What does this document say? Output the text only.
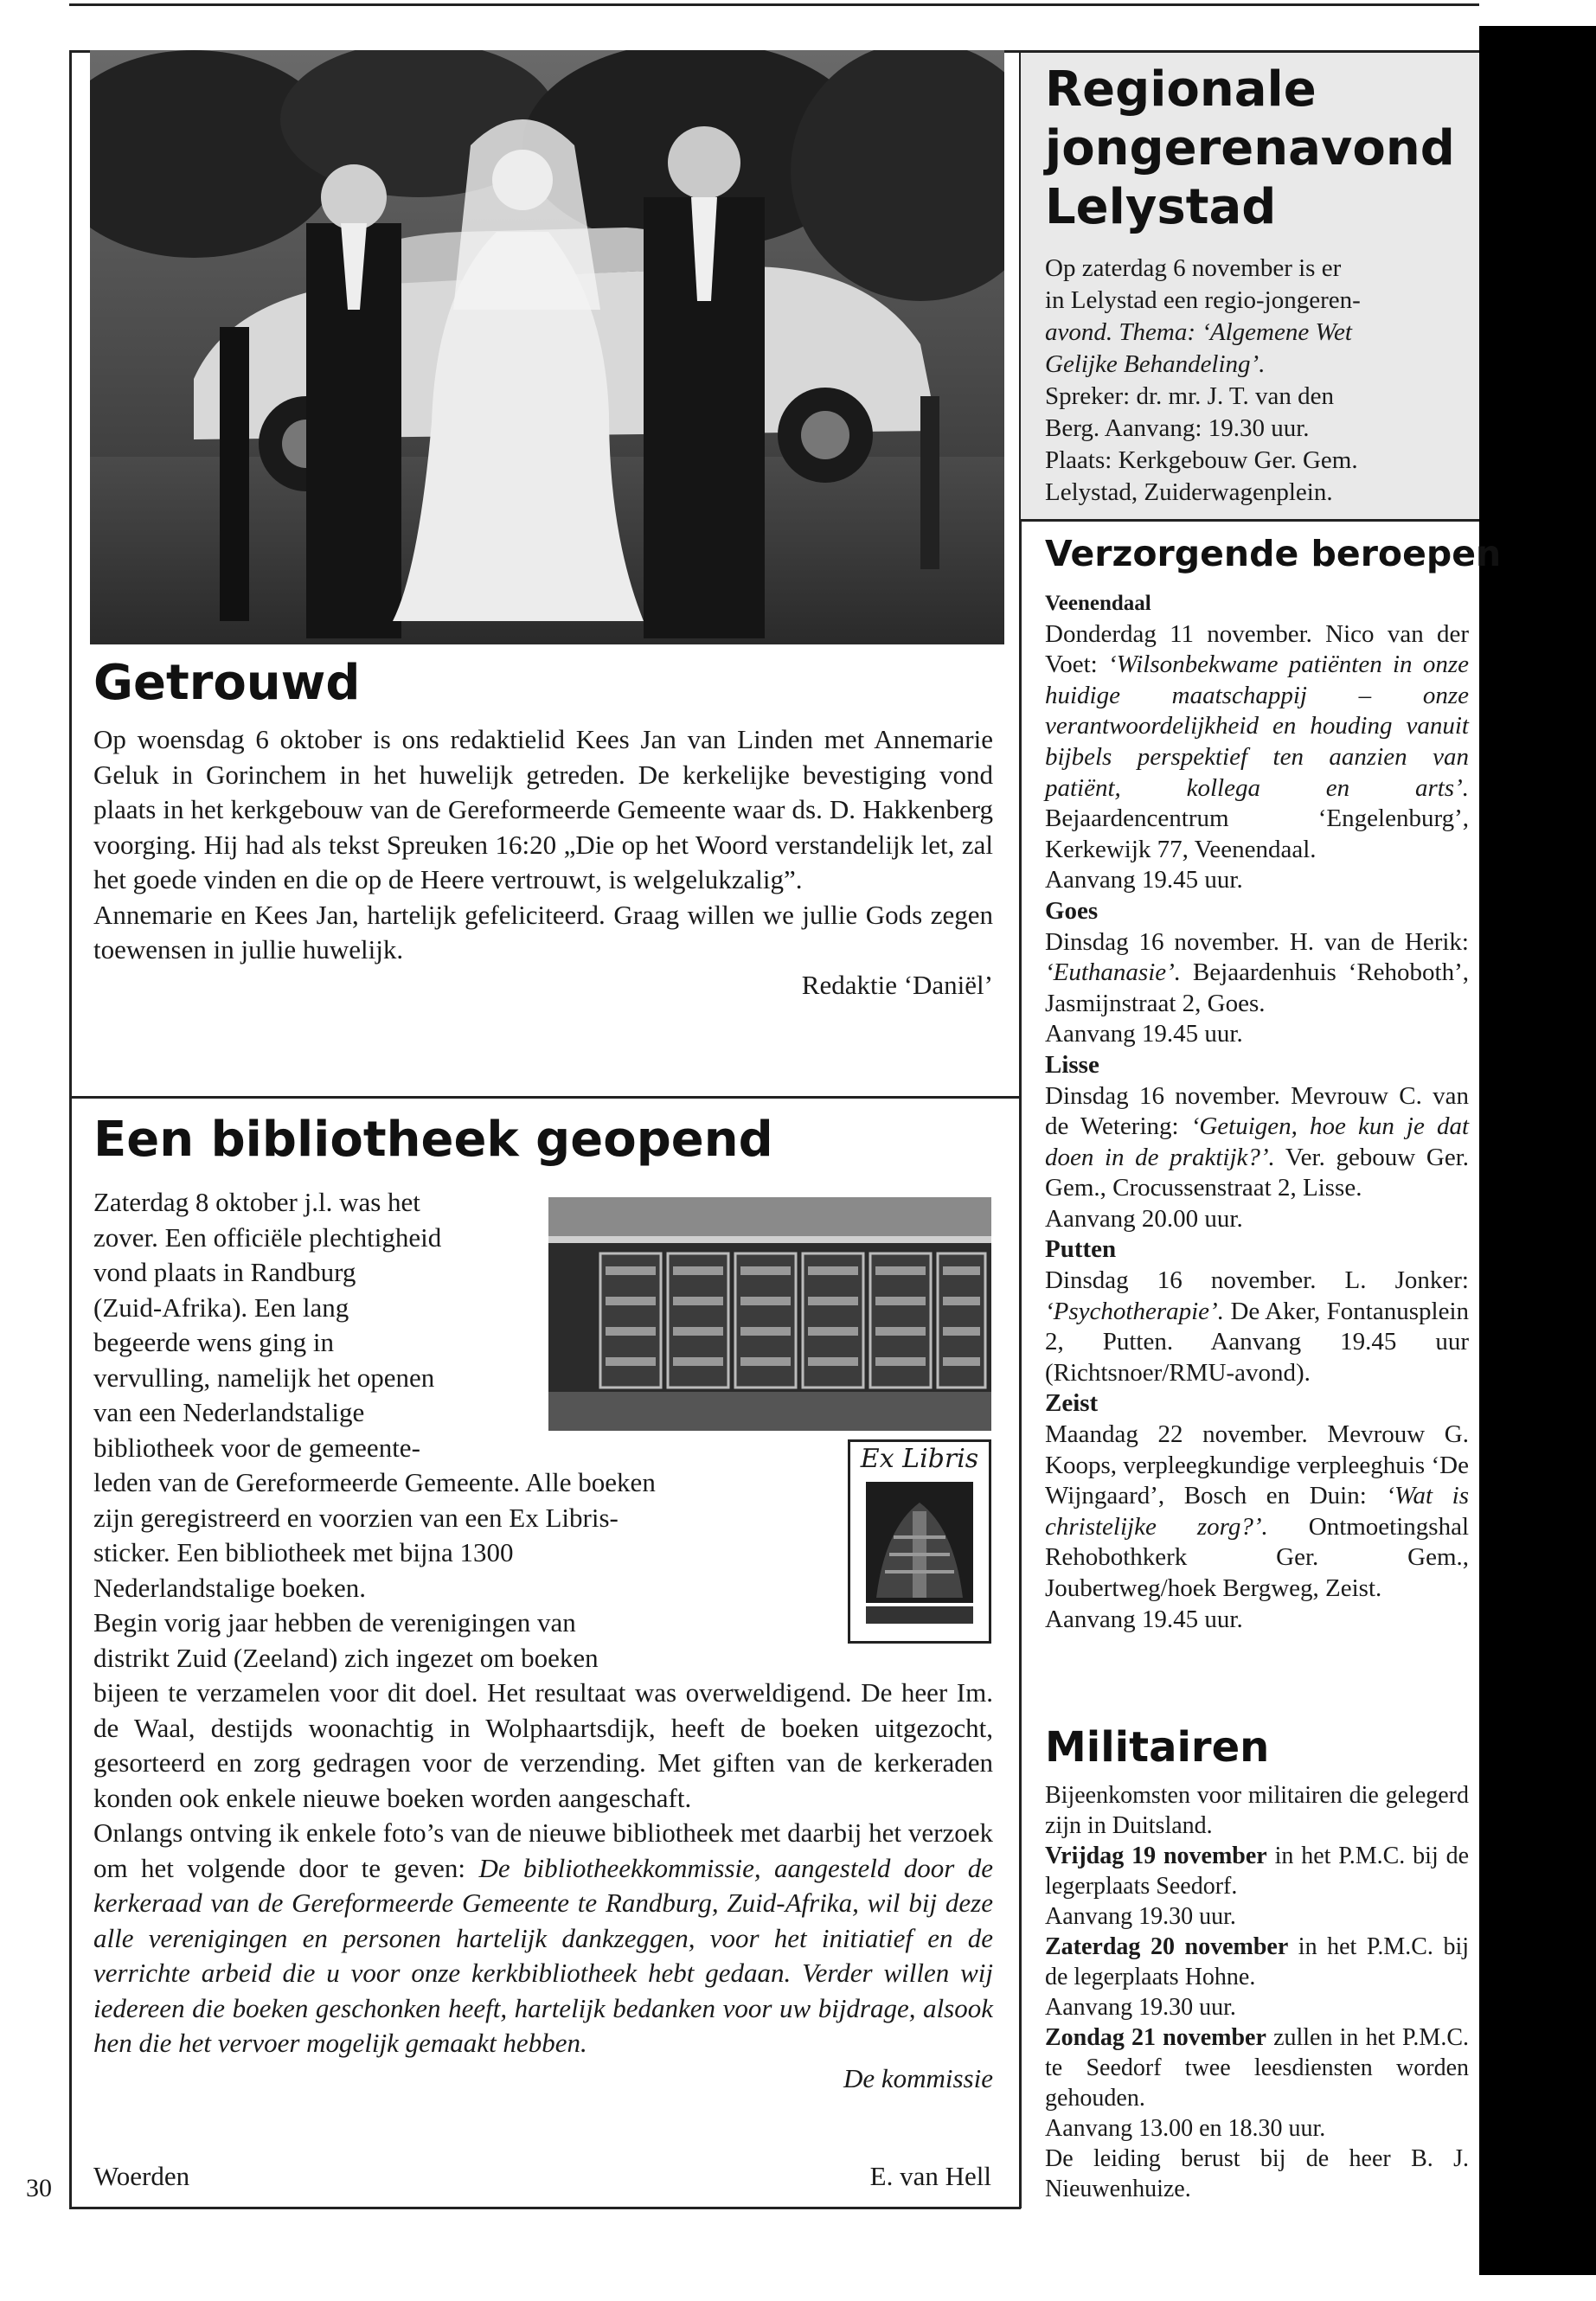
Getrouwd

Op woensdag 6 oktober is ons redaktielid Kees Jan van Linden met Annemarie Geluk in Gorinchem in het huwelijk getreden. De kerkelijke bevestiging vond plaats in het kerkgebouw van de Gereformeerde Gemeente waar ds. D. Hakkenberg voorging. Hij had als tekst Spreuken 16:20 „Die op het Woord verstandelijk let, zal het goede vinden en die op de Heere vertrouwt, is welgelukzalig”.

Annemarie en Kees Jan, hartelijk gefeliciteerd. Graag willen we jullie Gods zegen toewensen in jullie huwelijk.

Redaktie ‘Daniël’

Een bibliotheek geopend
Zaterdag 8 oktober j.l. was het
zover. Een officiële plechtigheid
vond plaats in Randburg
(Zuid-Afrika). Een lang
begeerde wens ging in
vervulling, namelijk het openen
van een Nederlandstalige
bibliotheek voor de gemeente-	Ex Libris
leden van de Gereformeerde Gemeente. Alle boeken
zijn geregistreerd en voorzien van een Ex Libris-
sticker. Een bibliotheek met bijna 1300
Nederlandstalige boeken.
Begin vorig jaar hebben de verenigingen van
distrikt Zuid (Zeeland) zich ingezet om boeken

bijeen te verzamelen voor dit doel. Het resultaat was overweldigend. De heer Im. de Waal, destijds woonachtig in Wolphaartsdijk, heeft de boeken uitgezocht, gesorteerd en zorg gedragen voor de verzending. Met giften van de kerkeraden konden ook enkele nieuwe boeken worden aangeschaft.

Onlangs ontving ik enkele foto’s van de nieuwe bibliotheek met daarbij het verzoek om het volgende door te geven: De bibliotheekkommissie, aangesteld door de kerkeraad van de Gereformeerde Gemeente te Randburg, Zuid-Afrika, wil bij deze alle verenigingen en personen hartelijk dankzeggen, voor het initiatief en de verrichte arbeid die u voor onze kerkbibliotheek hebt gedaan. Verder willen wij iedereen die boeken geschonken heeft, hartelijk bedanken voor uw bijdrage, alsook hen die het vervoer mogelijk gemaakt hebben.

De kommissie

Woerden	E. van Hell
30
Regionale
jongerenavond
Lelystad
Op zaterdag 6 november is er
in Lelystad een regio-jongeren-
avond. Thema: ‘Algemene Wet
Gelijke Behandeling’.
Spreker: dr. mr. J. T. van den
Berg. Aanvang: 19.30 uur.
Plaats: Kerkgebouw Ger. Gem.
Lelystad, Zuiderwagenplein.
Verzorgende beroepen
Veenendaal
Donderdag 11 november. Nico van der Voet: ‘Wilsonbekwame patiënten in onze huidige maatschappij – onze verantwoordelijkheid en houding vanuit bijbels perspektief ten aanzien van patiënt, kollega en arts’. Bejaardencentrum ‘Engelenburg’, Kerkewijk 77, Veenendaal.
Aanvang 19.45 uur.
Goes
Dinsdag 16 november. H. van de Herik: ‘Euthanasie’. Bejaardenhuis ‘Rehoboth’, Jasmijnstraat 2, Goes.
Aanvang 19.45 uur.
Lisse
Dinsdag 16 november. Mevrouw C. van de Wetering: ‘Getuigen, hoe kun je dat doen in de praktijk?’. Ver. gebouw Ger. Gem., Crocussenstraat 2, Lisse.
Aanvang 20.00 uur.
Putten
Dinsdag 16 november. L. Jonker: ‘Psychotherapie’. De Aker, Fontanusplein 2, Putten. Aanvang 19.45 uur (Richtsnoer/RMU-avond).
Zeist
Maandag 22 november. Mevrouw G. Koops, verpleegkundige verpleeghuis ‘De Wijngaard’, Bosch en Duin: ‘Wat is christelijke zorg?’. Ontmoetingshal Rehobothkerk Ger. Gem., Joubertweg/hoek Bergweg, Zeist.
Aanvang 19.45 uur.
Militairen
Bijeenkomsten voor militairen die gelegerd zijn in Duitsland.
Vrijdag 19 november in het P.M.C. bij de legerplaats Seedorf.
Aanvang 19.30 uur.
Zaterdag 20 november in het P.M.C. bij de legerplaats Hohne.
Aanvang 19.30 uur.
Zondag 21 november zullen in het P.M.C. te Seedorf twee leesdiensten worden gehouden.
Aanvang 13.00 en 18.30 uur.
De leiding berust bij de heer B. J. Nieuwenhuize.
